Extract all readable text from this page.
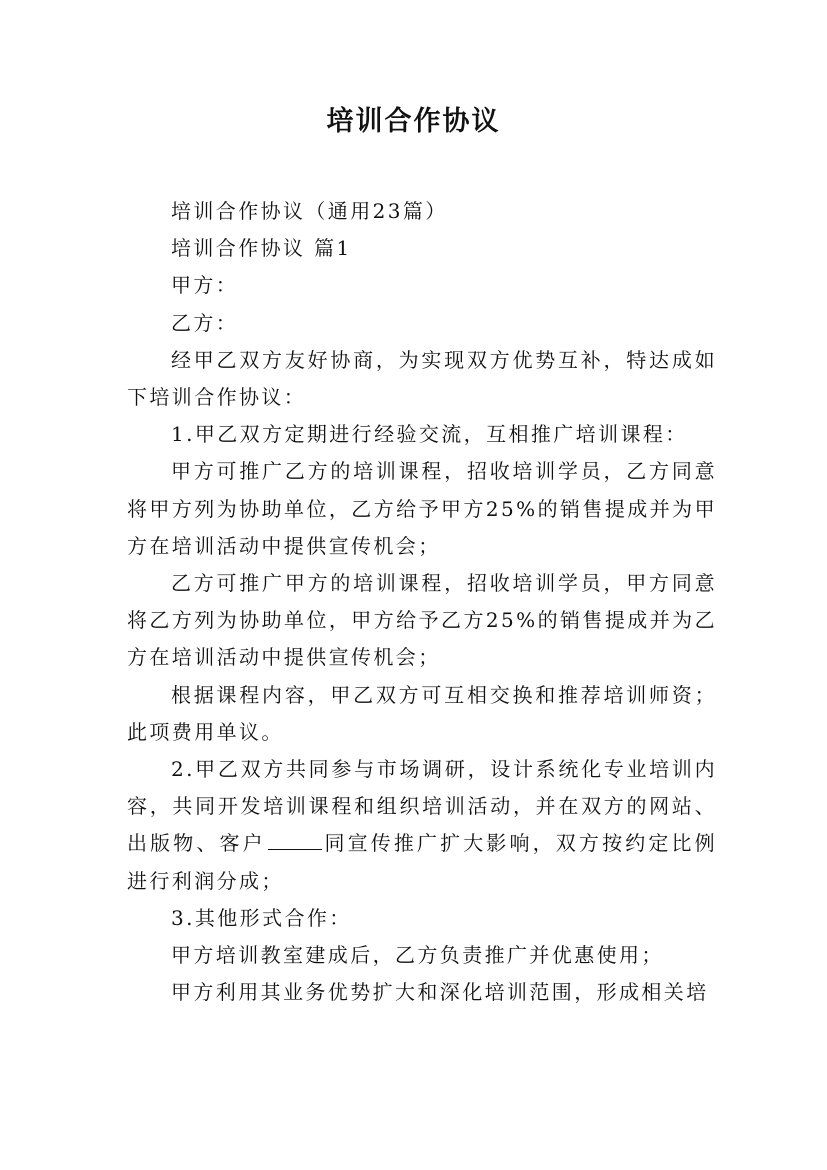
培训合作协议

培训合作协议（通用23篇）

培训合作协议 篇1

甲方：

乙方：

经甲乙双方友好协商，为实现双方优势互补，特达成如下培训合作协议：

1.甲乙双方定期进行经验交流，互相推广培训课程：

甲方可推广乙方的培训课程，招收培训学员，乙方同意将甲方列为协助单位，乙方给予甲方25%的销售提成并为甲方在培训活动中提供宣传机会；

乙方可推广甲方的培训课程，招收培训学员，甲方同意将乙方列为协助单位，甲方给予乙方25%的销售提成并为乙方在培训活动中提供宣传机会；

根据课程内容，甲乙双方可互相交换和推荐培训师资；此项费用单议。

2.甲乙双方共同参与市场调研，设计系统化专业培训内容，共同开发培训课程和组织培训活动，并在双方的网站、出版物、客户	同宣传推广扩大影响，双方按约定比例进行利润分成；

3.其他形式合作：

甲方培训教室建成后，乙方负责推广并优惠使用；

甲方利用其业务优势扩大和深化培训范围，形成相关培
